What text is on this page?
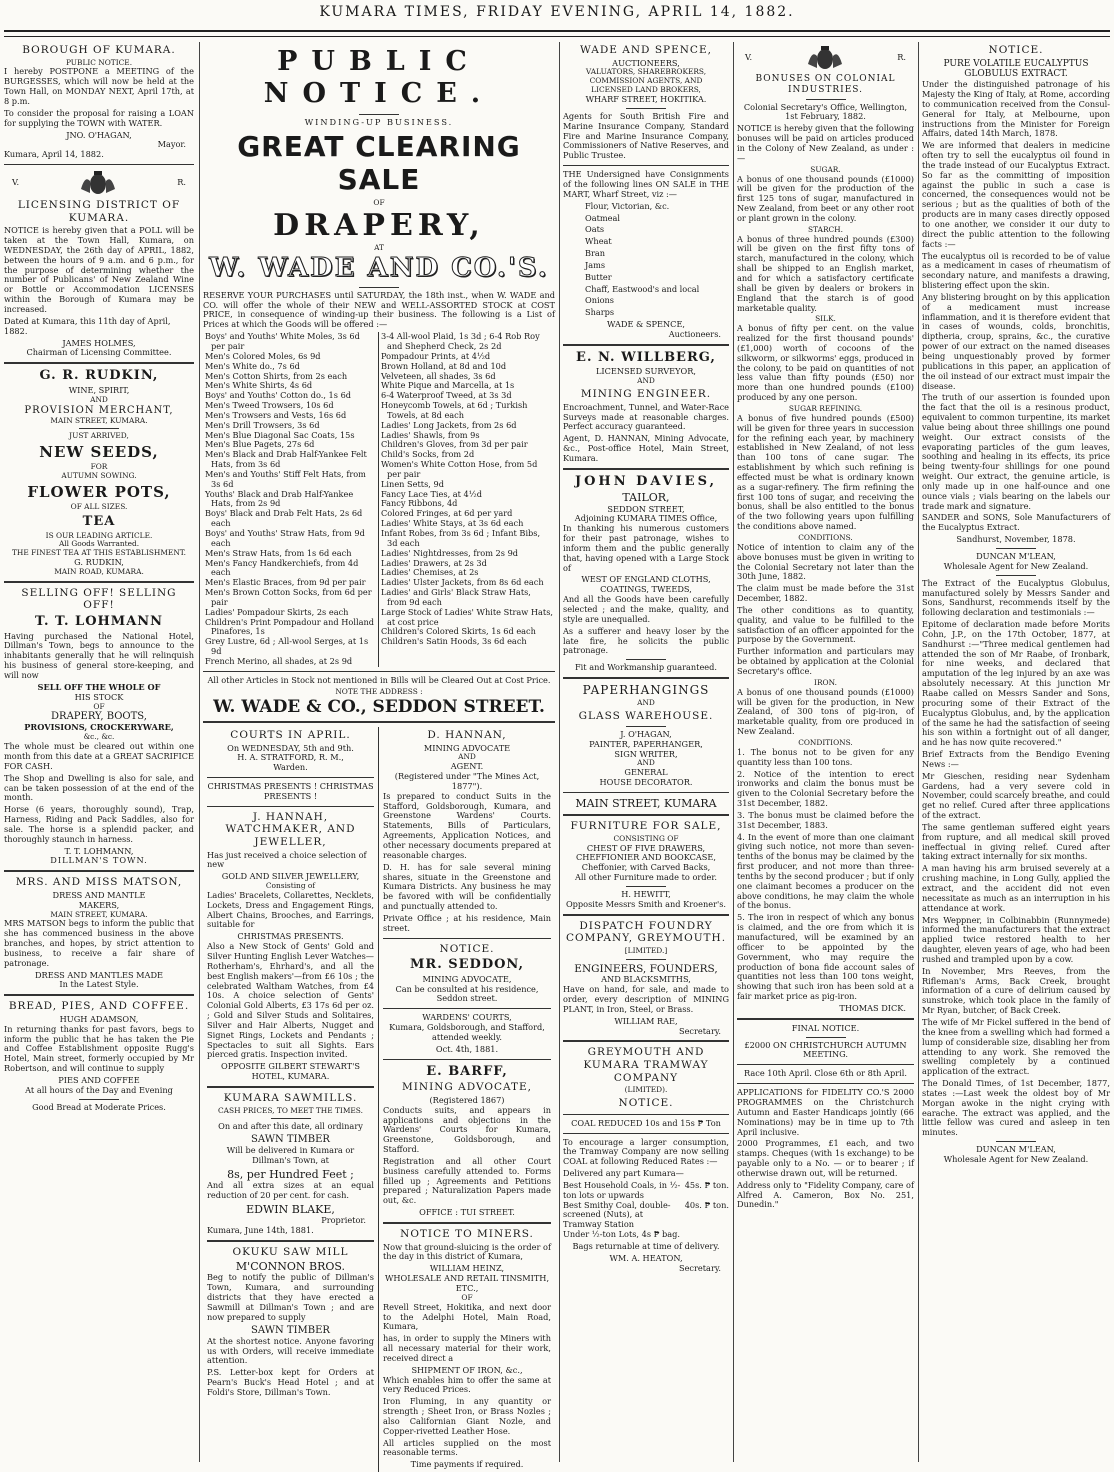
KUMARA TIMES, FRIDAY EVENING, APRIL 14, 1882.
BOROUGH OF KUMARA.
PUBLIC NOTICE.

I hereby POSTPONE a MEETING of the BURGESSES, which will now be held at the Town Hall, on MONDAY NEXT, April 17th, at 8 p.m.

To consider the proposal for raising a LOAN for supplying the TOWN with WATER.

JNO. O'HAGAN,
Mayor.

Kumara, April 14, 1882.

V.	R.
LICENSING DISTRICT OF KUMARA.

NOTICE is hereby given that a POLL will be taken at the Town Hall, Kumara, on WEDNESDAY, the 26th day of APRIL, 1882, between the hours of 9 a.m. and 6 p.m., for the purpose of determining whether the number of Publicans' of New Zealand Wine or Bottle or Accommodation LICENSES within the Borough of Kumara may be increased.

Dated at Kumara, this 11th day of April, 1882.

JAMES HOLMES,
Chairman of Licensing Committee.
G. R. RUDKIN,
WINE, SPIRIT,
AND
PROVISION MERCHANT,
MAIN STREET, KUMARA.
JUST ARRIVED,
NEW SEEDS,
FOR
AUTUMN SOWING.
FLOWER POTS,
OF ALL SIZES.
TEA
IS OUR LEADING ARTICLE.
All Goods Warranted.
THE FINEST TEA AT THIS ESTABLISHMENT.
G. RUDKIN,
MAIN ROAD, KUMARA.
SELLING OFF! SELLING OFF!
T. T. LOHMANN

Having purchased the National Hotel, Dillman's Town, begs to announce to the inhabitants generally that he will relinquish his business of general store-keeping, and will now

SELL OFF THE WHOLE OF
HIS STOCK
OF
DRAPERY, BOOTS,
PROVISIONS, CROCKERYWARE,
&c., &c.

The whole must be cleared out within one month from this date at a GREAT SACRIFICE FOR CASH.

The Shop and Dwelling is also for sale, and can be taken possession of at the end of the month.

Horse (6 years, thoroughly sound), Trap, Harness, Riding and Pack Saddles, also for sale. The horse is a splendid packer, and thoroughly staunch in harness.

T. T. LOHMANN,
DILLMAN'S TOWN.
MRS. AND MISS MATSON,
DRESS AND MANTLE
MAKERS,
MAIN STREET, KUMARA.

MRS MATSON begs to inform the public that she has commenced business in the above branches, and hopes, by strict attention to business, to receive a fair share of patronage.

DRESS AND MANTLES MADE
In the Latest Style.
BREAD, PIES, AND COFFEE.
HUGH ADAMSON,

In returning thanks for past favors, begs to inform the public that he has taken the Pie and Coffee Establishment opposite Rugg's Hotel, Main street, formerly occupied by Mr Robertson, and will continue to supply

PIES AND COFFEE
At all hours of the Day and Evening
Good Bread at Moderate Prices.
PUBLIC NOTICE.
WINDING-UP BUSINESS.
GREAT CLEARING SALE
OF
DRAPERY,
AT
W. WADE AND CO.'S.

RESERVE YOUR PURCHASES until SATURDAY, the 18th inst., when W. WADE and CO. will offer the whole of their NEW and WELL-ASSORTED STOCK at COST PRICE, in consequence of winding-up their business. The following is a List of Prices at which the Goods will be offered :—

Boys' and Youths' White Moles, 3s 6d per pair

Men's Colored Moles, 6s 9d

Men's White do., 7s 6d

Men's Cotton Shirts, from 2s each

Men's White Shirts, 4s 6d

Boys' and Youths' Cotton do., 1s 6d

Men's Tweed Trowsers, 10s 6d

Men's Trowsers and Vests, 16s 6d

Men's Drill Trowsers, 3s 6d

Men's Blue Diagonal Sac Coats, 15s

Men's Blue Pagets, 27s 6d

Men's Black and Drab Half-Yankee Felt Hats, from 3s 6d

Men's and Youths' Stiff Felt Hats, from 3s 6d

Youths' Black and Drab Half-Yankee Hats, from 2s 9d

Boys' Black and Drab Felt Hats, 2s 6d each

Boys' and Youths' Straw Hats, from 9d each

Men's Straw Hats, from 1s 6d each

Men's Fancy Handkerchiefs, from 4d each

Men's Elastic Braces, from 9d per pair

Men's Brown Cotton Socks, from 6d per pair

Ladies' Pompadour Skirts, 2s each

Children's Print Pompadour and Holland Pinafores, 1s

Grey Lustre, 6d ; All-wool Serges, at 1s 9d

French Merino, all shades, at 2s 9d

3-4 All-wool Plaid, 1s 3d ; 6-4 Rob Roy and Shepherd Check, 2s 2d

Pompadour Prints, at 4½d

Brown Holland, at 8d and 10d

Velveteen, all shades, 3s 6d

White Pique and Marcella, at 1s

6-4 Waterproof Tweed, at 3s 3d

Honeycomb Towels, at 6d ; Turkish Towels, at 8d each

Ladies' Long Jackets, from 2s 6d

Ladies' Shawls, from 9s

Children's Gloves, from 3d per pair

Child's Socks, from 2d

Women's White Cotton Hose, from 5d per pair

Linen Setts, 9d

Fancy Lace Ties, at 4½d

Fancy Ribbons, 4d

Colored Fringes, at 6d per yard

Ladies' White Stays, at 3s 6d each

Infant Robes, from 3s 6d ; Infant Bibs, 3d each

Ladies' Nightdresses, from 2s 9d

Ladies' Drawers, at 2s 3d

Ladies' Chemises, at 2s

Ladies' Ulster Jackets, from 8s 6d each

Ladies' and Girls' Black Straw Hats, from 9d each

Large Stock of Ladies' White Straw Hats, at cost price

Children's Colored Skirts, 1s 6d each

Children's Satin Hoods, 3s 6d each

All other Articles in Stock not mentioned in Bills will be Cleared Out at Cost Price.

NOTE THE ADDRESS :
W. WADE & CO., SEDDON STREET.
COURTS IN APRIL.
On WEDNESDAY, 5th and 9th.
H. A. STRATFORD, R. M.,
Warden.
CHRISTMAS PRESENTS ! CHRISTMAS PRESENTS !
J. HANNAH, WATCHMAKER, AND JEWELLER,

Has just received a choice selection of new

GOLD AND SILVER JEWELLERY,
Consisting of

Ladies' Bracelets, Collarettes, Necklets, Lockets, Dress and Engagement Rings, Albert Chains, Brooches, and Earrings, suitable for

CHRISTMAS PRESENTS.

Also a New Stock of Gents' Gold and Silver Hunting English Lever Watches—Rotherham's, Ehrhard's, and all the best English makers'—from £6 10s ; the celebrated Waltham Watches, from £4 10s. A choice selection of Gents' Colonial Gold Alberts, £3 17s 6d per oz. ; Gold and Silver Studs and Solitaires, Silver and Hair Alberts, Nugget and Signet Rings, Lockets and Pendants ; Spectacles to suit all Sights. Ears pierced gratis. Inspection invited.

OPPOSITE GILBERT STEWART'S HOTEL, KUMARA.
KUMARA SAWMILLS.
CASH PRICES, TO MEET THE TIMES.

On and after this date, all ordinary

SAWN TIMBER

Will be delivered in Kumara or Dillman's Town, at

8s, per Hundred Feet ;

And all extra sizes at an equal reduction of 20 per cent. for cash.

EDWIN BLAKE,
Proprietor.

Kumara, June 14th, 1881.

OKUKU SAW MILL
M'CONNON BROS.

Beg to notify the public of Dillman's Town, Kumara, and surrounding districts that they have erected a Sawmill at Dillman's Town ; and are now prepared to supply

SAWN TIMBER

At the shortest notice. Anyone favoring us with Orders, will receive immediate attention.

P.S. Letter-box kept for Orders at Pearn's Buck's Head Hotel ; and at Foldi's Store, Dillman's Town.

D. HANNAN,
MINING ADVOCATE
AND
AGENT.
(Registered under "The Mines Act, 1877").

Is prepared to conduct Suits in the Stafford, Goldsborough, Kumara, and Greenstone Wardens' Courts. Statements, Bills of Particulars, Agreements, Application Notices, and other necessary documents prepared at reasonable charges.

D. H. has for sale several mining shares, situate in the Greenstone and Kumara Districts. Any business he may be favored with will be confidentially and punctually attended to.

Private Office ; at his residence, Main street.

NOTICE.
MR. SEDDON,
MINING ADVOCATE,

Can be consulted at his residence, Seddon street.

WARDENS' COURTS,

Kumara, Goldsborough, and Stafford, attended weekly.

Oct. 4th, 1881.
E. BARFF,
MINING ADVOCATE,
(Registered 1867)

Conducts suits, and appears in applications and objections in the Wardens' Courts for Kumara, Greenstone, Goldsborough, and Stafford.

Registration and all other Court business carefully attended to. Forms filled up ; Agreements and Petitions prepared ; Naturalization Papers made out, &c.

OFFICE : TUI STREET.
NOTICE TO MINERS.

Now that ground-sluicing is the order of the day in this district of Kumara,

WILLIAM HEINZ,
WHOLESALE AND RETAIL TINSMITH, ETC.,
OF

Revell Street, Hokitika, and next door to the Adelphi Hotel, Main Road, Kumara,

has, in order to supply the Miners with all necessary material for their work, received direct a

SHIPMENT OF IRON, &c.,

Which enables him to offer the same at very Reduced Prices.

Iron Fluming, in any quantity or strength ; Sheet Iron, or Brass Nozles ; also Californian Giant Nozle, and Copper-rivetted Leather Hose.

All articles supplied on the most reasonable terms.

Time payments if required.

WADE AND SPENCE,
AUCTIONEERS,
VALUATORS, SHAREBROKERS, COMMISSION AGENTS, AND
LICENSED LAND BROKERS,
WHARF STREET, HOKITIKA.

Agents for South British Fire and Marine Insurance Company, Standard Fire and Marine Insurance Company, Commissioners of Native Reserves, and Public Trustee.

THE Undersigned have Consignments of the following lines ON SALE in THE MART, Wharf Street, viz :—

Flour, Victorian, &c.

Oatmeal

Oats

Wheat

Bran

Jams

Butter

Chaff, Eastwood's and local

Onions

Sharps

WADE & SPENCE,
Auctioneers.
E. N. WILLBERG,
LICENSED SURVEYOR,
AND
MINING ENGINEER.

Encroachment, Tunnel, and Water-Race Surveys made at reasonable charges. Perfect accuracy guaranteed.

Agent, D. HANNAN, Mining Advocate, &c., Post-office Hotel, Main Street, Kumara.

JOHN DAVIES,
TAILOR,
SEDDON STREET,
Adjoining KUMARA TIMES Office,

In thanking his numerous customers for their past patronage, wishes to inform them and the public generally that, having opened with a Large Stock of

WEST OF ENGLAND CLOTHS,
COATINGS, TWEEDS,

And all the Goods have been carefully selected ; and the make, quality, and style are unequalled.

As a sufferer and heavy loser by the late fire, he solicits the public patronage.

Fit and Workmanship guaranteed.
PAPERHANGINGS
AND
GLASS WAREHOUSE.
J. O'HAGAN,
PAINTER, PAPERHANGER,
SIGN WRITER,
AND
GENERAL
HOUSE DECORATOR.
MAIN STREET, KUMARA
FURNITURE FOR SALE,
CONSISTING OF
CHEST OF FIVE DRAWERS,
CHEFFIONIER AND BOOKCASE,
Cheffonier, with Carved Backs,
All other Furniture made to order.
H. HEWITT,
Opposite Messrs Smith and Kroener's.
DISPATCH FOUNDRY COMPANY, GREYMOUTH.
[LIMITED.]
ENGINEERS, FOUNDERS,
AND BLACKSMITHS,

Have on hand, for sale, and made to order, every description of MINING PLANT, in Iron, Steel, or Brass.

WILLIAM RAE,
Secretary.
GREYMOUTH AND KUMARA TRAMWAY COMPANY
(LIMITED).
NOTICE.
COAL REDUCED 10s and 15s ₱ Ton

To encourage a larger consumption, the Tramway Company are now selling COAL at following Reduced Rates :—

Delivered any part Kumara—

Best Household Coals, in ½-ton lots or upwards
45s. ₱ ton.
Best Smithy Coal, double-screened (Nuts), at Tramway Station
40s. ₱ ton.

Under ½-ton Lots, 4s ₱ bag.

Bags returnable at time of delivery.

WM. A. HEATON,
Secretary.
V.	R.
BONUSES ON COLONIAL INDUSTRIES.

Colonial Secretary's Office, Wellington, 1st February, 1882.

NOTICE is hereby given that the following bonuses will be paid on articles produced in the Colony of New Zealand, as under :—

SUGAR.

A bonus of one thousand pounds (£1000) will be given for the production of the first 125 tons of sugar, manufactured in New Zealand, from beet or any other root or plant grown in the colony.

STARCH.

A bonus of three hundred pounds (£300) will be given on the first fifty tons of starch, manufactured in the colony, which shall be shipped to an English market, and for which a satisfactory certificate shall be given by dealers or brokers in England that the starch is of good marketable quality.

SILK.

A bonus of fifty per cent. on the value realized for the first thousand pounds' (£1,000) worth of cocoons of the silkworm, or silkworms' eggs, produced in the colony, to be paid on quantities of not less value than fifty pounds (£50) nor more than one hundred pounds (£100) produced by any one person.

SUGAR REFINING.

A bonus of five hundred pounds (£500) will be given for three years in succession for the refining each year, by machinery established in New Zealand, of not less than 100 tons of cane sugar. The establishment by which such refining is effected must be what is ordinary known as a sugar-refinery. The firm refining the first 100 tons of sugar, and receiving the bonus, shall be also entitled to the bonus of the two following years upon fulfilling the conditions above named.

CONDITIONS.

Notice of intention to claim any of the above bonuses must be given in writing to the Colonial Secretary not later than the 30th June, 1882.

The claim must be made before the 31st December, 1882.

The other conditions as to quantity, quality, and value to be fulfilled to the satisfaction of an officer appointed for the purpose by the Government.

Further information and particulars may be obtained by application at the Colonial Secretary's office.

IRON.

A bonus of one thousand pounds (£1000) will be given for the production, in New Zealand, of 300 tons of pig-iron, of marketable quality, from ore produced in New Zealand.

CONDITIONS.

1. The bonus not to be given for any quantity less than 100 tons.

2. Notice of the intention to erect ironworks and claim the bonus must be given to the Colonial Secretary before the 31st December, 1882.

3. The bonus must be claimed before the 31st December, 1883.

4. In the event of more than one claimant giving such notice, not more than seven-tenths of the bonus may be claimed by the first producer, and not more than three-tenths by the second producer ; but if only one claimant becomes a producer on the above conditions, he may claim the whole of the bonus.

5. The iron in respect of which any bonus is claimed, and the ore from which it is manufactured, will be examined by an officer to be appointed by the Government, who may require the production of bona fide account sales of quantities not less than 100 tons weight, showing that such iron has been sold at a fair market price as pig-iron.

THOMAS DICK.
FINAL NOTICE.
£2000 ON CHRISTCHURCH AUTUMN MEETING.
Race 10th April. Close 6th or 8th April.

APPLICATIONS for FIDELITY CO.'S 2000 PROGRAMMES on the Christchurch Autumn and Easter Handicaps jointly (66 Nominations) may be in time up to 7th April inclusive.

2000 Programmes, £1 each, and two stamps. Cheques (with 1s exchange) to be payable only to a No. — or to bearer ; if otherwise drawn out, will be returned.

Address only to "Fidelity Company, care of Alfred A. Cameron, Box No. 251, Dunedin."

NOTICE.
PURE VOLATILE EUCALYPTUS GLOBULUS EXTRACT.

Under the distinguished patronage of his Majesty the King of Italy, at Rome, according to communication received from the Consul-General for Italy, at Melbourne, upon instructions from the Minister for Foreign Affairs, dated 14th March, 1878.

We are informed that dealers in medicine often try to sell the eucalyptus oil found in the trade instead of our Eucalyptus Extract. So far as the committing of imposition against the public in such a case is concerned, the consequences would not be serious ; but as the qualities of both of the products are in many cases directly opposed to one another, we consider it our duty to direct the public attention to the following facts :—

The eucalyptus oil is recorded to be of value as a medicament in cases of rheumatism of secondary nature, and manifests a drawing, blistering effect upon the skin.

Any blistering brought on by this application of a medicament must increase inflammation, and it is therefore evident that in cases of wounds, colds, bronchitis, diptheria, croup, sprains, &c., the curative power of our extract on the named diseases being unquestionably proved by former publications in this paper, an application of the oil instead of our extract must impair the disease.

The truth of our assertion is founded upon the fact that the oil is a resinous product, equivalent to common turpentine, its market value being about three shillings one pound weight. Our extract consists of the evaporating particles of the gum leaves, soothing and healing in its effects, its price being twenty-four shillings for one pound weight. Our extract, the genuine article, is only made up in one half-ounce and one ounce vials ; vials bearing on the labels our trade mark and signature.

SANDER and SONS, Sole Manufacturers of the Eucalyptus Extract.

Sandhurst, November, 1878.

DUNCAN M'LEAN,
Wholesale Agent for New Zealand.

The Extract of the Eucalyptus Globulus, manufactured solely by Messrs Sander and Sons, Sandhurst, recommends itself by the following declaration and testimonials :—

Epitome of declaration made before Morits Cohn, J.P., on the 17th October, 1877, at Sandhurst :—"Three medical gentlemen had attended the son of Mr Raabe, of Ironbark, for nine weeks, and declared that amputation of the leg injured by an axe was absolutely necessary. At this junction Mr Raabe called on Messrs Sander and Sons, procuring some of their Extract of the Eucalyptus Globulus, and, by the application of the same he had the satisfaction of seeing his son within a fortnight out of all danger, and he has now quite recovered."

Brief Extracts from the Bendigo Evening News :—

Mr Gieschen, residing near Sydenham Gardens, had a very severe cold in November, could scarcely breathe, and could get no relief. Cured after three applications of the extract.

The same gentleman suffered eight years from rupture, and all medical skill proved ineffectual in giving relief. Cured after taking extract internally for six months.

A man having his arm bruised severely at a crushing machine, in Long Gully, applied the extract, and the accident did not even necessitate as much as an interruption in his attendance at work.

Mrs Weppner, in Colbinabbin (Runnymede) informed the manufacturers that the extract applied twice restored health to her daughter, eleven years of age, who had been rushed and trampled upon by a cow.

In November, Mrs Reeves, from the Rifleman's Arms, Back Creek, brought information of a cure of delirium caused by sunstroke, which took place in the family of Mr Ryan, butcher, of Back Creek.

The wife of Mr Fickel suffered in the bend of the knee from a swelling which had formed a lump of considerable size, disabling her from attending to any work. She removed the swelling completely by a continued application of the extract.

The Donald Times, of 1st December, 1877, states :—Last week the oldest boy of Mr Morgan awoke in the night crying with earache. The extract was applied, and the little fellow was cured and asleep in ten minutes.

DUNCAN M'LEAN,
Wholesale Agent for New Zealand.
